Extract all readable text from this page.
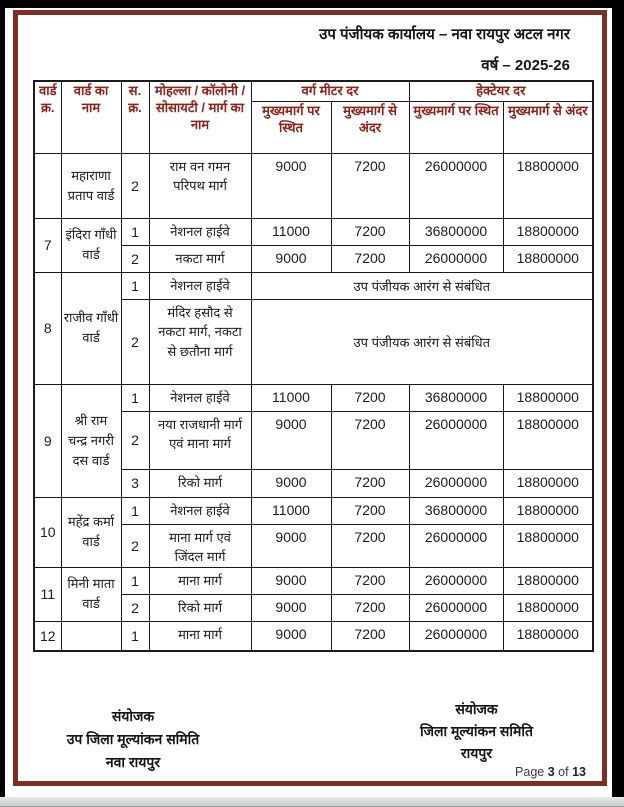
उप पंजीयक कार्यालय – नवा रायपुर अटल नगर
वर्ष – 2025-26
वार्ड क्र.	वार्ड का नाम	स. क्र.	मोहल्ला / कॉलोनी / सोसायटी / मार्ग का नाम	वर्ग मीटर दर		हेक्टेयर दर	
				मुख्यमार्ग पर स्थित	मुख्यमार्ग से अंदर	मुख्यमार्ग पर स्थित	मुख्यमार्ग से अंदर
	महाराणा प्रताप वार्ड	2	राम वन गमन परिपथ मार्ग	9000	7200	26000000	18800000
7	इंदिरा गाँधी वार्ड	1	नेशनल हाईवे	11000	7200	36800000	18800000
		2	नकटा मार्ग	9000	7200	26000000	18800000
8	राजीव गाँधी वार्ड	1	नेशनल हाईवे	उप पंजीयक आरंग से संबंधित			
		2	मंदिर हसौद से नकटा मार्ग, नकटा से छतौना मार्ग	उप पंजीयक आरंग से संबंधित			
9	श्री राम चन्द्र नगरी दस वार्ड	1	नेशनल हाईवे	11000	7200	36800000	18800000
		2	नया राजधानी मार्ग एवं माना मार्ग	9000	7200	26000000	18800000
		3	रिको मार्ग	9000	7200	26000000	18800000
10	महेंद्र कर्मा वार्ड	1	नेशनल हाईवे	11000	7200	36800000	18800000
		2	माना मार्ग एवं जिंदल मार्ग	9000	7200	26000000	18800000
11	मिनी माता वार्ड	1	माना मार्ग	9000	7200	26000000	18800000
		2	रिको मार्ग	9000	7200	26000000	18800000
12		1	माना मार्ग	9000	7200	26000000	18800000
संयोजक
उप जिला मूल्यांकन समिति
नवा रायपुर
संयोजक
जिला मूल्यांकन समिति
रायपुर
Page 3 of 13
